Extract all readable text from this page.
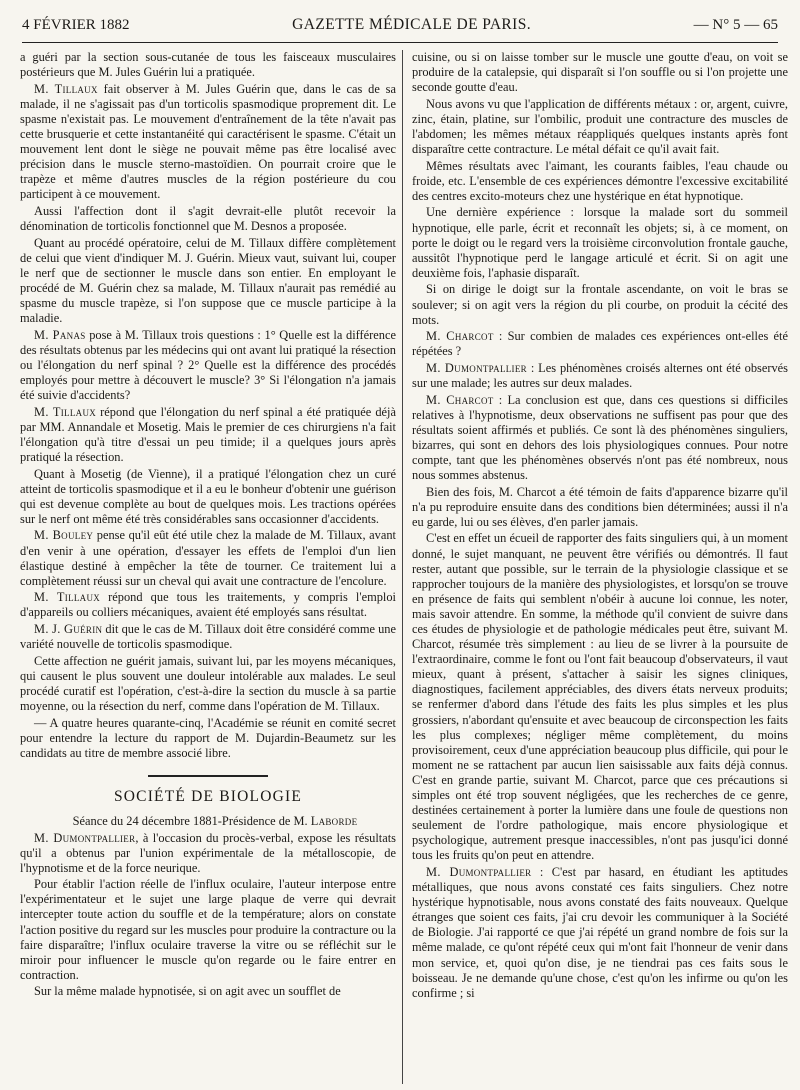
4 FÉVRIER 1882	GAZETTE MÉDICALE DE PARIS.	— N° 5 — 65

a guéri par la section sous-cutanée de tous les faisceaux musculaires postérieurs que M. Jules Guérin lui a pratiquée.

M. Tillaux fait observer à M. Jules Guérin que, dans le cas de sa malade, il ne s'agissait pas d'un torticolis spasmodique proprement dit. Le spasme n'existait pas. Le mouvement d'entraînement de la tête n'avait pas cette brusquerie et cette instantanéité qui caractérisent le spasme. C'était un mouvement lent dont le siège ne pouvait même pas être localisé avec précision dans le muscle sterno-mastoïdien. On pourrait croire que le trapèze et même d'autres muscles de la région postérieure du cou participent à ce mouvement.

Aussi l'affection dont il s'agit devrait-elle plutôt recevoir la dénomination de torticolis fonctionnel que M. Desnos a proposée.

Quant au procédé opératoire, celui de M. Tillaux diffère complètement de celui que vient d'indiquer M. J. Guérin. Mieux vaut, suivant lui, couper le nerf que de sectionner le muscle dans son entier. En employant le procédé de M. Guérin chez sa malade, M. Tillaux n'aurait pas remédié au spasme du muscle trapèze, si l'on suppose que ce muscle participe à la maladie.

M. Panas pose à M. Tillaux trois questions : 1° Quelle est la différence des résultats obtenus par les médecins qui ont avant lui pratiqué la résection ou l'élongation du nerf spinal ? 2° Quelle est la différence des procédés employés pour mettre à découvert le muscle? 3° Si l'élongation n'a jamais été suivie d'accidents?

M. Tillaux répond que l'élongation du nerf spinal a été pratiquée déjà par MM. Annandale et Mosetig. Mais le premier de ces chirurgiens n'a fait l'élongation qu'à titre d'essai un peu timide; il a quelques jours après pratiqué la résection.

Quant à Mosetig (de Vienne), il a pratiqué l'élongation chez un curé atteint de torticolis spasmodique et il a eu le bonheur d'obtenir une guérison qui est devenue complète au bout de quelques mois. Les tractions opérées sur le nerf ont même été très considérables sans occasionner d'accidents.

M. Bouley pense qu'il eût été utile chez la malade de M. Tillaux, avant d'en venir à une opération, d'essayer les effets de l'emploi d'un lien élastique destiné à empêcher la tête de tourner. Ce traitement lui a complètement réussi sur un cheval qui avait une contracture de l'encolure.

M. Tillaux répond que tous les traitements, y compris l'emploi d'appareils ou colliers mécaniques, avaient été employés sans résultat.

M. J. Guérin dit que le cas de M. Tillaux doit être considéré comme une variété nouvelle de torticolis spasmodique.

Cette affection ne guérit jamais, suivant lui, par les moyens mécaniques, qui causent le plus souvent une douleur intolérable aux malades. Le seul procédé curatif est l'opération, c'est-à-dire la section du muscle à sa partie moyenne, ou la résection du nerf, comme dans l'opération de M. Tillaux.

— A quatre heures quarante-cinq, l'Académie se réunit en comité secret pour entendre la lecture du rapport de M. Dujardin-Beaumetz sur les candidats au titre de membre associé libre.

SOCIÉTÉ DE BIOLOGIE

Séance du 24 décembre 1881-Présidence de M. Laborde

M. Dumontpallier, à l'occasion du procès-verbal, expose les résultats qu'il a obtenus par l'union expérimentale de la métalloscopie, de l'hypnotisme et de la force neurique.

Pour établir l'action réelle de l'influx oculaire, l'auteur interpose entre l'expérimentateur et le sujet une large plaque de verre qui devrait intercepter toute action du souffle et de la température; alors on constate l'action positive du regard sur les muscles pour produire la contracture ou la faire disparaître; l'influx oculaire traverse la vitre ou se réfléchit sur le miroir pour influencer le muscle qu'on regarde ou le faire entrer en contraction.

Sur la même malade hypnotisée, si on agit avec un soufflet de

cuisine, ou si on laisse tomber sur le muscle une goutte d'eau, on voit se produire de la catalepsie, qui disparaît si l'on souffle ou si l'on projette une seconde goutte d'eau.

Nous avons vu que l'application de différents métaux : or, argent, cuivre, zinc, étain, platine, sur l'ombilic, produit une contracture des muscles de l'abdomen; les mêmes métaux réappliqués quelques instants après font disparaître cette contracture. Le métal défait ce qu'il avait fait.

Mêmes résultats avec l'aimant, les courants faibles, l'eau chaude ou froide, etc. L'ensemble de ces expériences démontre l'excessive excitabilité des centres excito-moteurs chez une hystérique en état hypnotique.

Une dernière expérience : lorsque la malade sort du sommeil hypnotique, elle parle, écrit et reconnaît les objets; si, à ce moment, on porte le doigt ou le regard vers la troisième circonvolution frontale gauche, aussitôt l'hypnotique perd le langage articulé et écrit. Si on agit une deuxième fois, l'aphasie disparaît.

Si on dirige le doigt sur la frontale ascendante, on voit le bras se soulever; si on agit vers la région du pli courbe, on produit la cécité des mots.

M. Charcot : Sur combien de malades ces expériences ont-elles été répétées ?

M. Dumontpallier : Les phénomènes croisés alternes ont été observés sur une malade; les autres sur deux malades.

M. Charcot : La conclusion est que, dans ces questions si difficiles relatives à l'hypnotisme, deux observations ne suffisent pas pour que des résultats soient affirmés et publiés. Ce sont là des phénomènes singuliers, bizarres, qui sont en dehors des lois physiologiques connues. Pour notre compte, tant que les phénomènes observés n'ont pas été nombreux, nous nous sommes abstenus.

Bien des fois, M. Charcot a été témoin de faits d'apparence bizarre qu'il n'a pu reproduire ensuite dans des conditions bien déterminées; aussi il n'a eu garde, lui ou ses élèves, d'en parler jamais.

C'est en effet un écueil de rapporter des faits singuliers qui, à un moment donné, le sujet manquant, ne peuvent être vérifiés ou démontrés. Il faut rester, autant que possible, sur le terrain de la physiologie classique et se rapprocher toujours de la manière des physiologistes, et lorsqu'on se trouve en présence de faits qui semblent n'obéir à aucune loi connue, les noter, mais savoir attendre. En somme, la méthode qu'il convient de suivre dans ces études de physiologie et de pathologie médicales peut être, suivant M. Charcot, résumée très simplement : au lieu de se livrer à la poursuite de l'extraordinaire, comme le font ou l'ont fait beaucoup d'observateurs, il vaut mieux, quant à présent, s'attacher à saisir les signes cliniques, diagnostiques, facilement appréciables, des divers états nerveux produits; se renfermer d'abord dans l'étude des faits les plus simples et les plus grossiers, n'abordant qu'ensuite et avec beaucoup de circonspection les faits les plus complexes; négliger même complètement, du moins provisoirement, ceux d'une appréciation beaucoup plus difficile, qui pour le moment ne se rattachent par aucun lien saisissable aux faits déjà connus. C'est en grande partie, suivant M. Charcot, parce que ces précautions si simples ont été trop souvent négligées, que les recherches de ce genre, destinées certainement à porter la lumière dans une foule de questions non seulement de l'ordre pathologique, mais encore physiologique et psychologique, autrement presque inaccessibles, n'ont pas jusqu'ici donné tous les fruits qu'on peut en attendre.

M. Dumontpallier : C'est par hasard, en étudiant les aptitudes métalliques, que nous avons constaté ces faits singuliers. Chez notre hystérique hypnotisable, nous avons constaté des faits nouveaux. Quelque étranges que soient ces faits, j'ai cru devoir les communiquer à la Société de Biologie. J'ai rapporté ce que j'ai répété un grand nombre de fois sur la même malade, ce qu'ont répété ceux qui m'ont fait l'honneur de venir dans mon service, et, quoi qu'on dise, je ne tiendrai pas ces faits sous le boisseau. Je ne demande qu'une chose, c'est qu'on les infirme ou qu'on les confirme ; si
